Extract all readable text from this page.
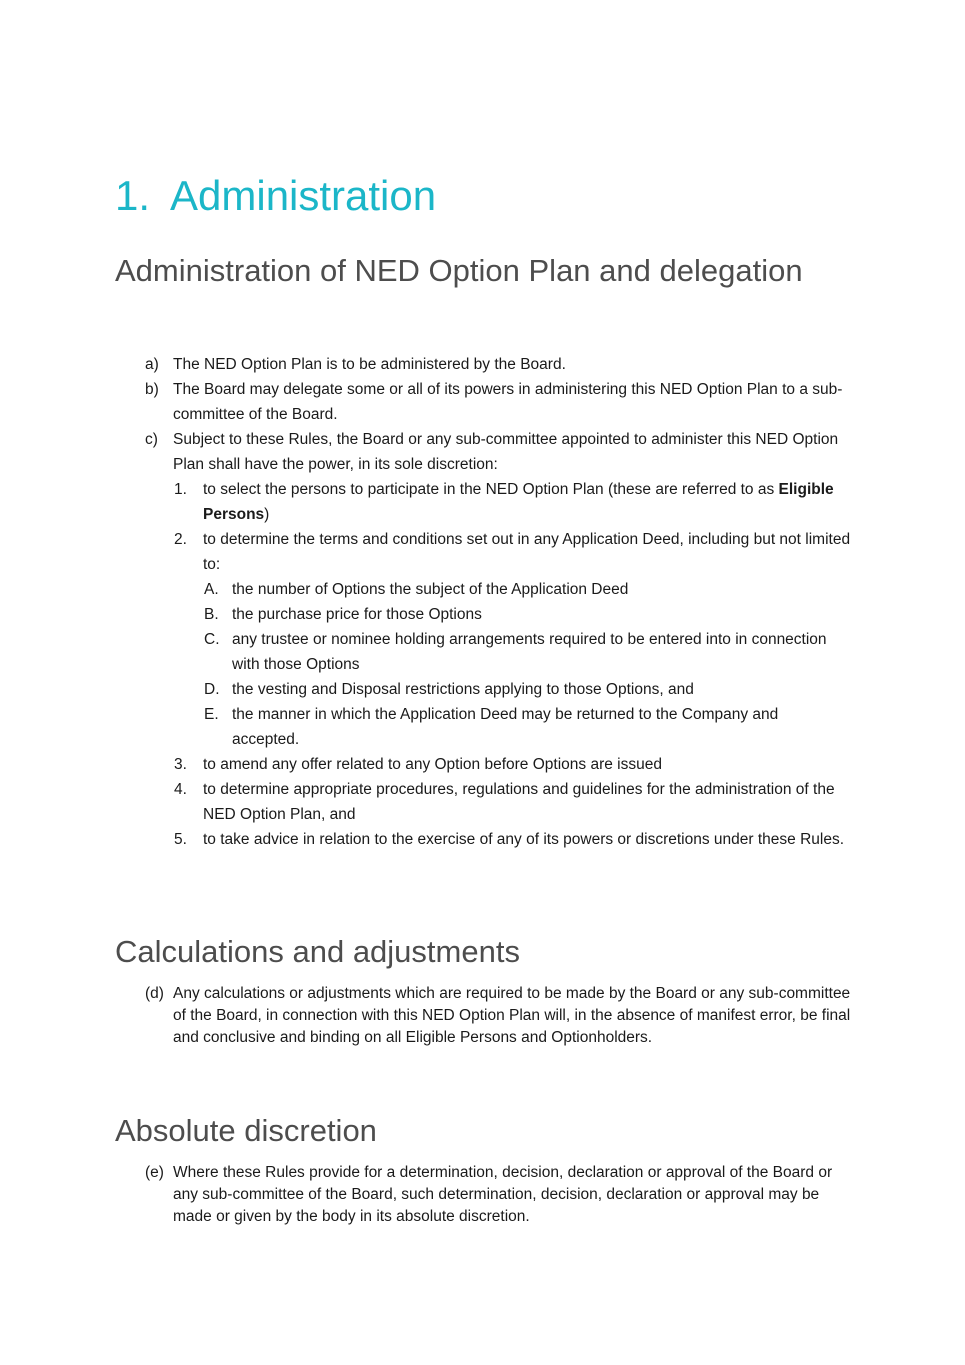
1. Administration
Administration of NED Option Plan and delegation
a) The NED Option Plan is to be administered by the Board.
b) The Board may delegate some or all of its powers in administering this NED Option Plan to a sub-committee of the Board.
c) Subject to these Rules, the Board or any sub-committee appointed to administer this NED Option Plan shall have the power, in its sole discretion:
1. to select the persons to participate in the NED Option Plan (these are referred to as Eligible Persons)
2. to determine the terms and conditions set out in any Application Deed, including but not limited to:
A. the number of Options the subject of the Application Deed
B. the purchase price for those Options
C. any trustee or nominee holding arrangements required to be entered into in connection with those Options
D. the vesting and Disposal restrictions applying to those Options, and
E. the manner in which the Application Deed may be returned to the Company and accepted.
3. to amend any offer related to any Option before Options are issued
4. to determine appropriate procedures, regulations and guidelines for the administration of the NED Option Plan, and
5. to take advice in relation to the exercise of any of its powers or discretions under these Rules.
Calculations and adjustments
(d) Any calculations or adjustments which are required to be made by the Board or any sub-committee of the Board, in connection with this NED Option Plan will, in the absence of manifest error, be final and conclusive and binding on all Eligible Persons and Optionholders.
Absolute discretion
(e) Where these Rules provide for a determination, decision, declaration or approval of the Board or any sub-committee of the Board, such determination, decision, declaration or approval may be made or given by the body in its absolute discretion.
